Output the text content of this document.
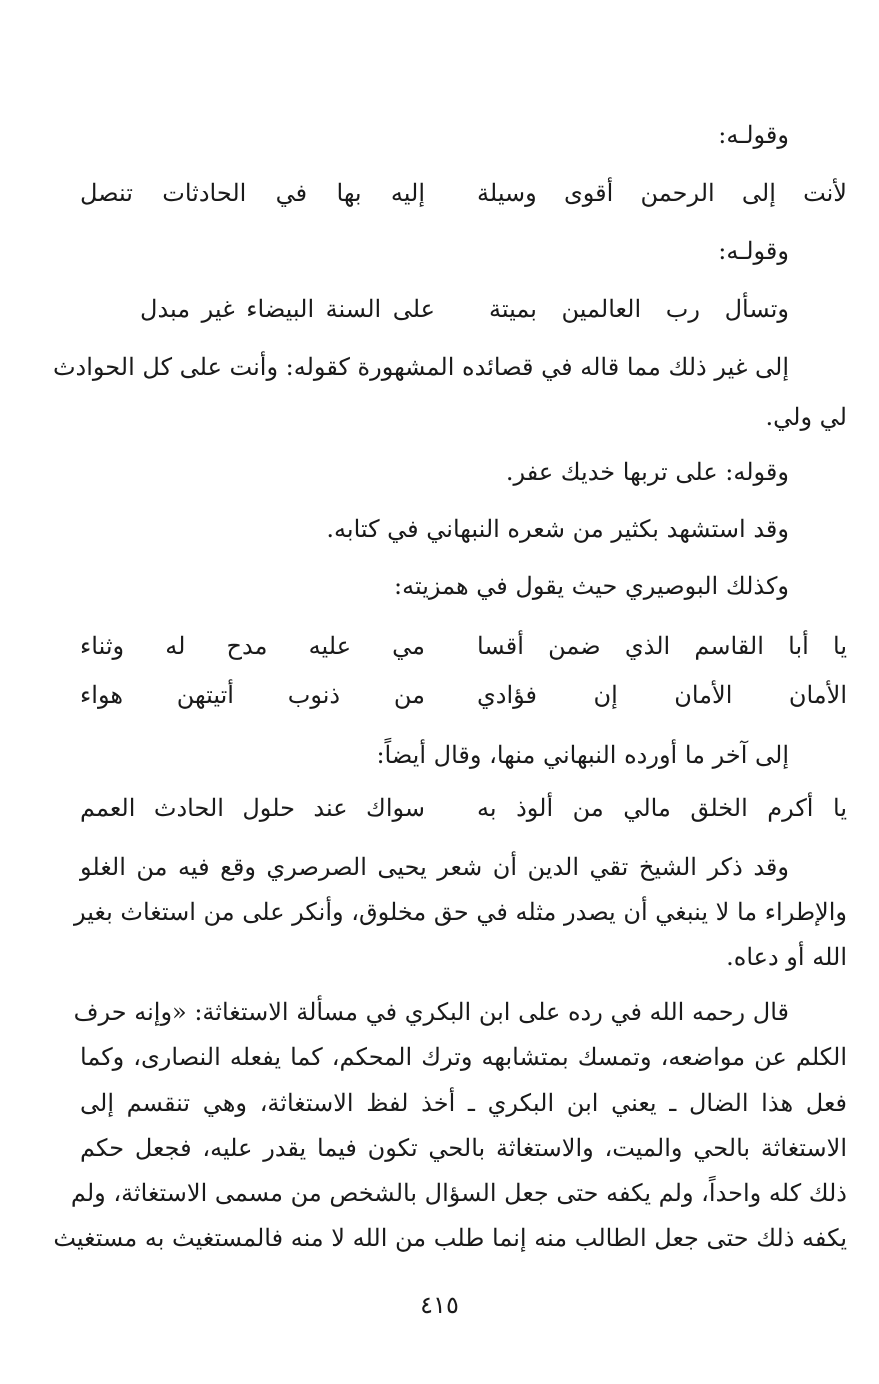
وقولـه:
لأنت إلى الرحمن أقوى وسيلة
إليه بها في الحادثات تنصل
وقولـه:
وتسأل رب العالمين بميتة
على السنة البيضاء غير مبدل
إلى غير ذلك مما قاله في قصائده المشهورة كقوله: وأنت على كل الحوادث
لي ولي.
وقوله: على تربها خديك عفر.
وقد استشهد بكثير من شعره النبهاني في كتابه.
وكذلك البوصيري حيث يقول في همزيته:
يا أبا القاسم الذي ضمن أقسا
مي عليه مدح له وثناء
الأمان الأمان إن فؤادي
من ذنوب أتيتهن هواء
إلى آخر ما أورده النبهاني منها، وقال أيضاً:
يا أكرم الخلق مالي من ألوذ به
سواك عند حلول الحادث العمم
وقد ذكر الشيخ تقي الدين أن شعر يحيى الصرصري وقع فيه من الغلو
والإطراء ما لا ينبغي أن يصدر مثله في حق مخلوق، وأنكر على من استغاث بغير
الله أو دعاه.
قال رحمه الله في رده على ابن البكري في مسألة الاستغاثة: «وإنه حرف
الكلم عن مواضعه، وتمسك بمتشابهه وترك المحكم، كما يفعله النصارى، وكما
فعل هذا الضال ـ يعني ابن البكري ـ أخذ لفظ الاستغاثة، وهي تنقسم إلى
الاستغاثة بالحي والميت، والاستغاثة بالحي تكون فيما يقدر عليه، فجعل حكم
ذلك كله واحداً، ولم يكفه حتى جعل السؤال بالشخص من مسمى الاستغاثة، ولم
يكفه ذلك حتى جعل الطالب منه إنما طلب من الله لا منه فالمستغيث به مستغيث
٤١٥
